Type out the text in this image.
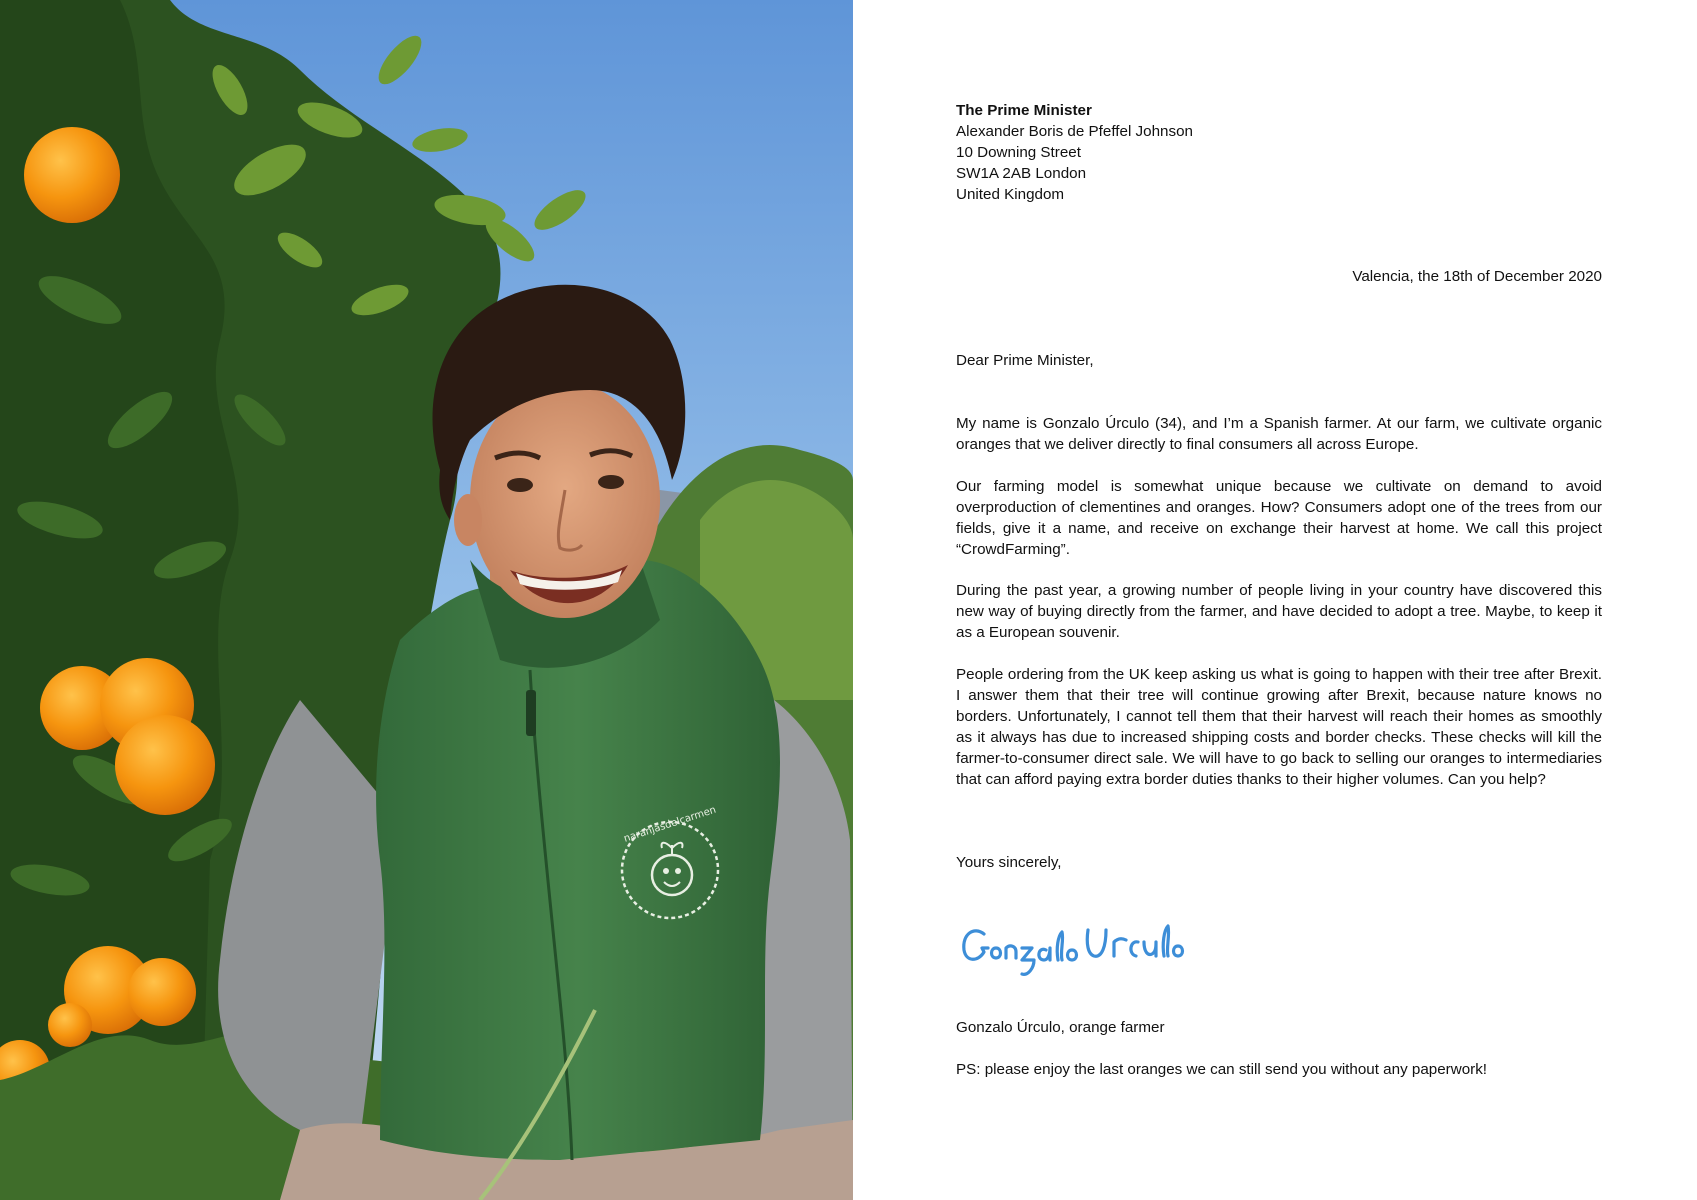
naranjasdelcarmen
The Prime Minister
Alexander Boris de Pfeffel Johnson
10 Downing Street
SW1A 2AB London
United Kingdom
Valencia, the 18th of December 2020
Dear Prime Minister,

My name is Gonzalo Úrculo (34), and I’m a Spanish farmer. At our farm, we cultivate organic oranges that we deliver directly to final consumers all across Europe.

Our farming model is somewhat unique because we cultivate on demand to avoid overproduction of clementines and oranges. How? Consumers adopt one of the trees from our fields, give it a name, and receive on exchange their harvest at home. We call this project “CrowdFarming”.

During the past year, a growing number of people living in your country have discovered this new way of buying directly from the farmer, and have decided to adopt a tree. Maybe, to keep it as a European souvenir.

People ordering from the UK keep asking us what is going to happen with their tree after Brexit. I answer them that their tree will continue growing after Brexit, because nature knows no borders. Unfortunately, I cannot tell them that their harvest will reach their homes as smoothly as it always has due to increased shipping costs and border checks. These checks will kill the farmer-to-consumer direct sale. We will have to go back to selling our oranges to intermediaries that can afford paying extra border duties thanks to their higher volumes. Can you help?

Yours sincerely,
Gonzalo Úrculo, orange farmer
PS: please enjoy the last oranges we can still send you without any paperwork!
